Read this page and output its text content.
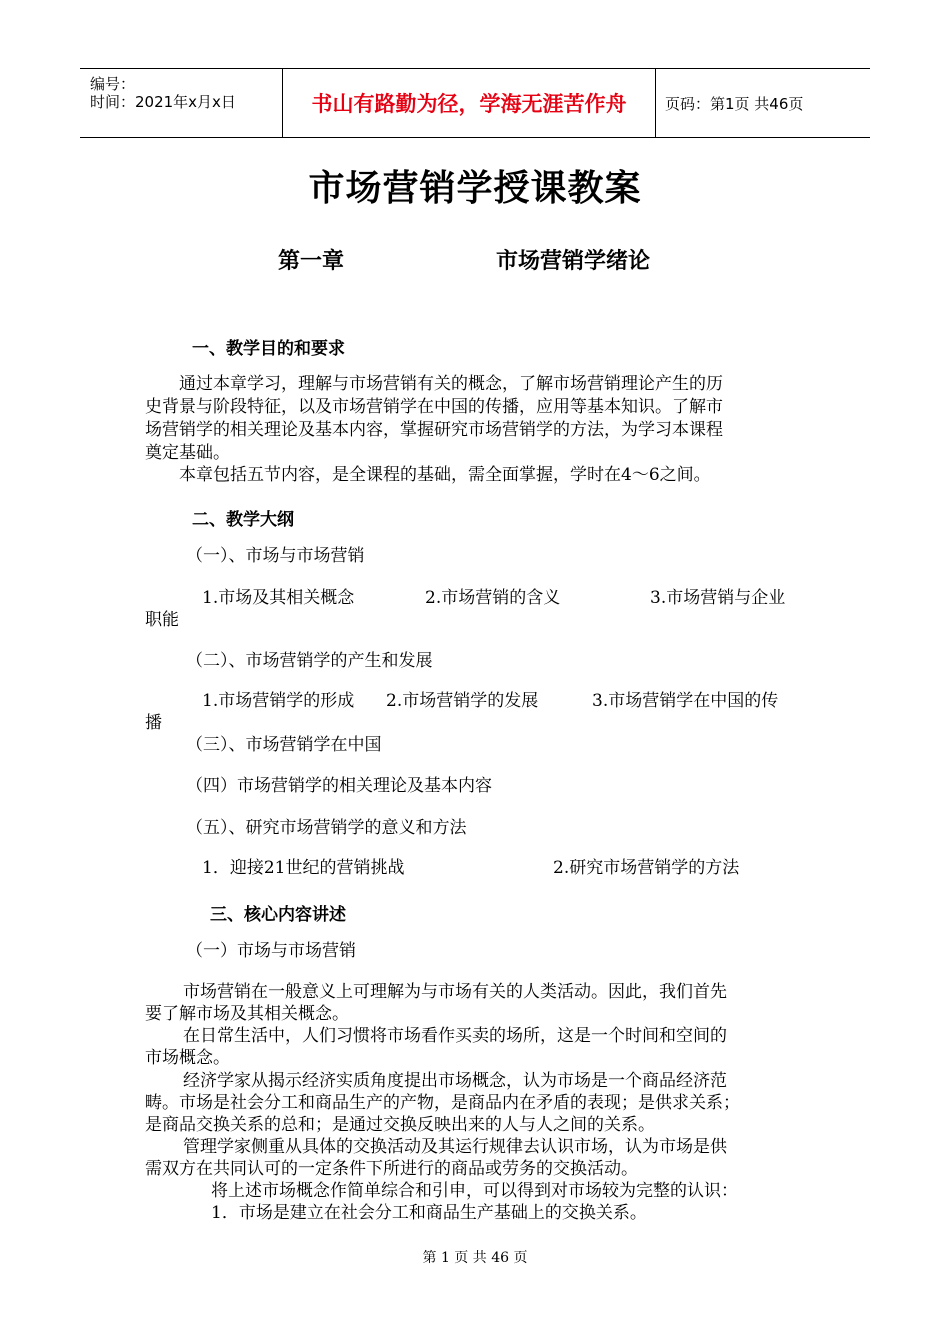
编号：
时间：2021年x月x日	书山有路勤为径，学海无涯苦作舟	页码：第1页 共46页
市场营销学授课教案
第一章	市场营销学绪论
一、教学目的和要求
通过本章学习，理解与市场营销有关的概念，了解市场营销理论产生的历
史背景与阶段特征，以及市场营销学在中国的传播，应用等基本知识。了解市
场营销学的相关理论及基本内容，掌握研究市场营销学的方法，为学习本课程
奠定基础。
本章包括五节内容，是全课程的基础，需全面掌握，学时在4～6之间。
二、教学大纲
（一）、市场与市场营销
1.市场及其相关概念	2.市场营销的含义	3.市场营销与企业
职能
（二）、市场营销学的产生和发展
1.市场营销学的形成 2.市场营销学的发展	3.市场营销学在中国的传
播
（三）、市场营销学在中国
（四）市场营销学的相关理论及基本内容
（五）、研究市场营销学的意义和方法
1．迎接21世纪的营销挑战	2.研究市场营销学的方法
三、核心内容讲述
（一）市场与市场营销
市场营销在一般意义上可理解为与市场有关的人类活动。因此，我们首先
要了解市场及其相关概念。
在日常生活中，人们习惯将市场看作买卖的场所，这是一个时间和空间的
市场概念。
经济学家从揭示经济实质角度提出市场概念，认为市场是一个商品经济范
畴。市场是社会分工和商品生产的产物，是商品内在矛盾的表现；是供求关系；
是商品交换关系的总和；是通过交换反映出来的人与人之间的关系。
管理学家侧重从具体的交换活动及其运行规律去认识市场，认为市场是供
需双方在共同认可的一定条件下所进行的商品或劳务的交换活动。
将上述市场概念作简单综合和引申，可以得到对市场较为完整的认识：
1．市场是建立在社会分工和商品生产基础上的交换关系。
第 1 页 共 46 页
